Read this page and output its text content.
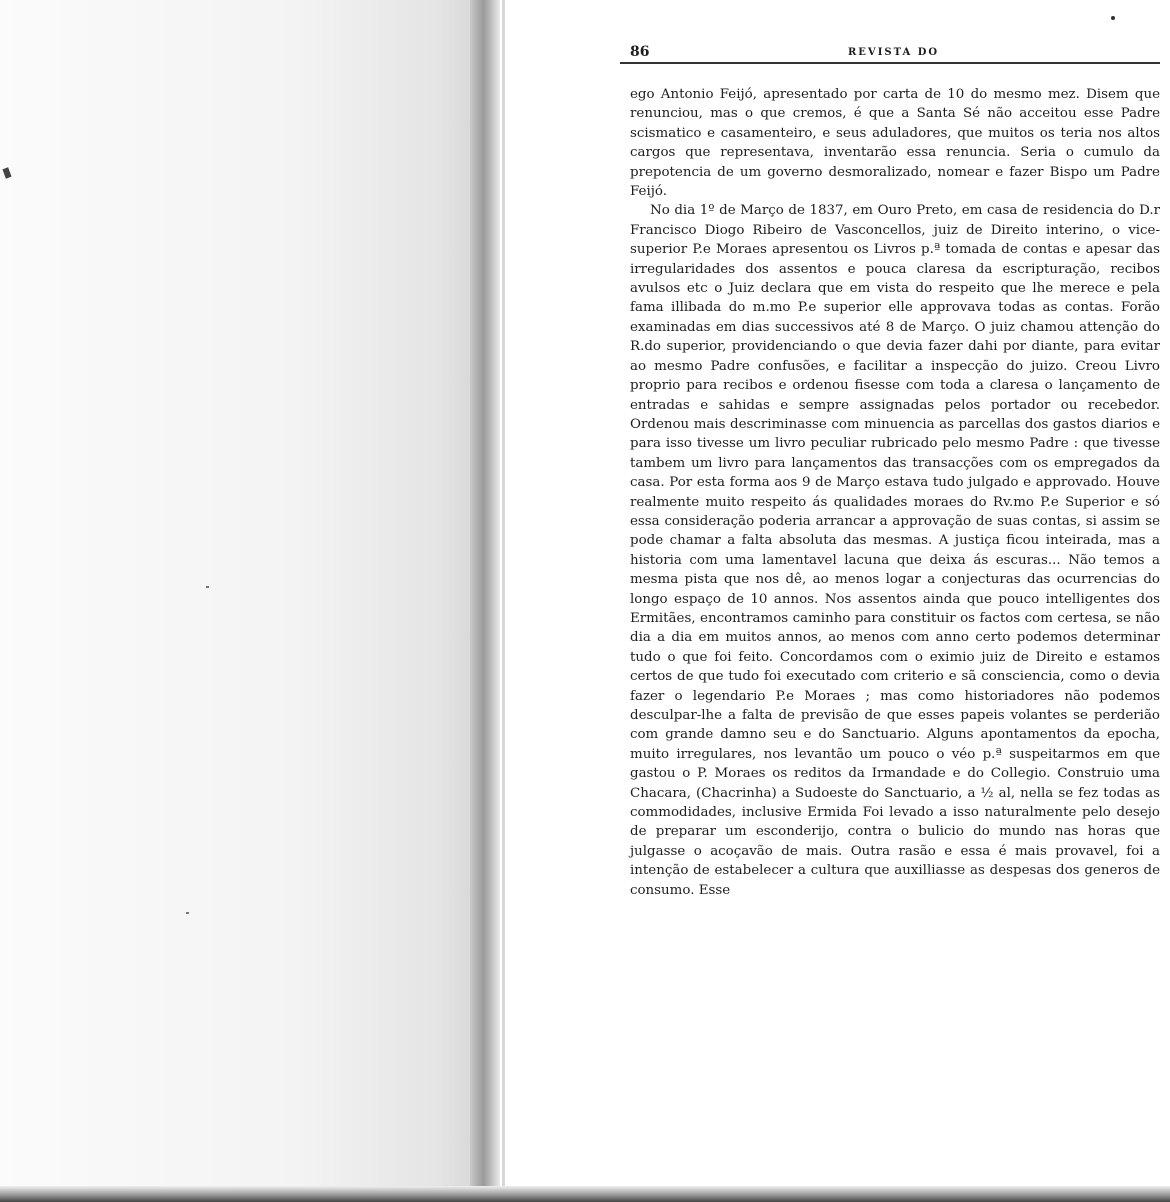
86	REVISTA DO

ego Antonio Feijó, apresentado por carta de 10 do mesmo mez. Disem que renunciou, mas o que cremos, é que a Santa Sé não acceitou esse Padre scismatico e casamenteiro, e seus aduladores, que muitos os teria nos altos cargos que representava, inventarão essa renuncia. Seria o cumulo da prepotencia de um governo desmoralizado, nomear e fazer Bispo um Padre Feijó.

No dia 1º de Março de 1837, em Ouro Preto, em casa de residencia do D.r Francisco Diogo Ribeiro de Vasconcellos, juiz de Direito interino, o vice-superior P.e Moraes apresentou os Livros p.ª tomada de contas e apesar das irregularidades dos assentos e pouca claresa da escripturação, recibos avulsos etc o Juiz declara que em vista do respeito que lhe merece e pela fama illibada do m.mo P.e superior elle approvava todas as contas. Forão examinadas em dias successivos até 8 de Março. O juiz chamou attenção do R.do superior, providenciando o que devia fazer dahi por diante, para evitar ao mesmo Padre confusões, e facilitar a inspecção do juizo. Creou Livro proprio para recibos e ordenou fisesse com toda a claresa o lançamento de entradas e sahidas e sempre assignadas pelos portador ou recebedor. Ordenou mais descriminasse com minuencia as parcellas dos gastos diarios e para isso tivesse um livro peculiar rubricado pelo mesmo Padre : que tivesse tambem um livro para lançamentos das transacções com os empregados da casa. Por esta forma aos 9 de Março estava tudo julgado e approvado. Houve realmente muito respeito ás qualidades moraes do Rv.mo P.e Superior e só essa consideração poderia arrancar a approvação de suas contas, si assim se pode chamar a falta absoluta das mesmas. A justiça ficou inteirada, mas a historia com uma lamentavel lacuna que deixa ás escuras... Não temos a mesma pista que nos dê, ao menos logar a conjecturas das ocurrencias do longo espaço de 10 annos. Nos assentos ainda que pouco intelligentes dos Ermitães, encontramos caminho para constituir os factos com certesa, se não dia a dia em muitos annos, ao menos com anno certo podemos determinar tudo o que foi feito. Concordamos com o eximio juiz de Direito e estamos certos de que tudo foi executado com criterio e sã consciencia, como o devia fazer o legendario P.e Moraes ; mas como historiadores não podemos desculpar-lhe a falta de previsão de que esses papeis volantes se perderião com grande damno seu e do Sanctuario. Alguns apontamentos da epocha, muito irregulares, nos levantão um pouco o véo p.ª suspeitarmos em que gastou o P. Moraes os reditos da Irmandade e do Collegio. Construio uma Chacara, (Chacrinha) a Sudoeste do Sanctuario, a ½ al, nella se fez todas as commodidades, inclusive Ermida Foi levado a isso naturalmente pelo desejo de preparar um esconderijo, contra o bulicio do mundo nas horas que julgasse o acoçavão de mais. Outra rasão e essa é mais provavel, foi a intenção de estabelecer a cultura que auxilliasse as despesas dos generos de consumo. Esse
